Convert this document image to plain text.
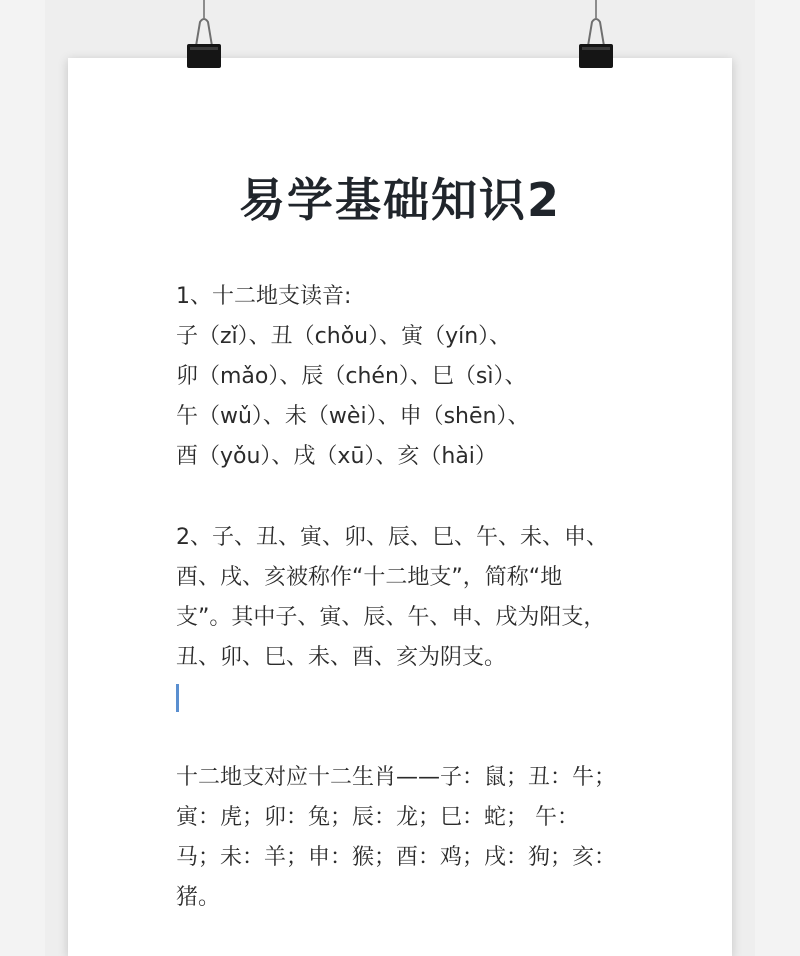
易学基础知识2
1、十二地支读音:
子（zǐ）、丑（chǒu）、寅（yín）、
卯（mǎo）、辰（chén）、巳（sì）、
午（wǔ）、未（wèi）、申（shēn）、
酉（yǒu）、戌（xū）、亥（hài）
2、子、丑、寅、卯、辰、巳、午、未、申、
酉、戌、亥被称作“十二地支”，简称“地
支”。其中子、寅、辰、午、申、戌为阳支，
丑、卯、巳、未、酉、亥为阴支。
十二地支对应十二生肖——子：鼠；丑：牛；
寅：虎；卯：兔；辰：龙；巳：蛇； 午：
马；未：羊；申：猴；酉：鸡；戌：狗；亥：
猪。
